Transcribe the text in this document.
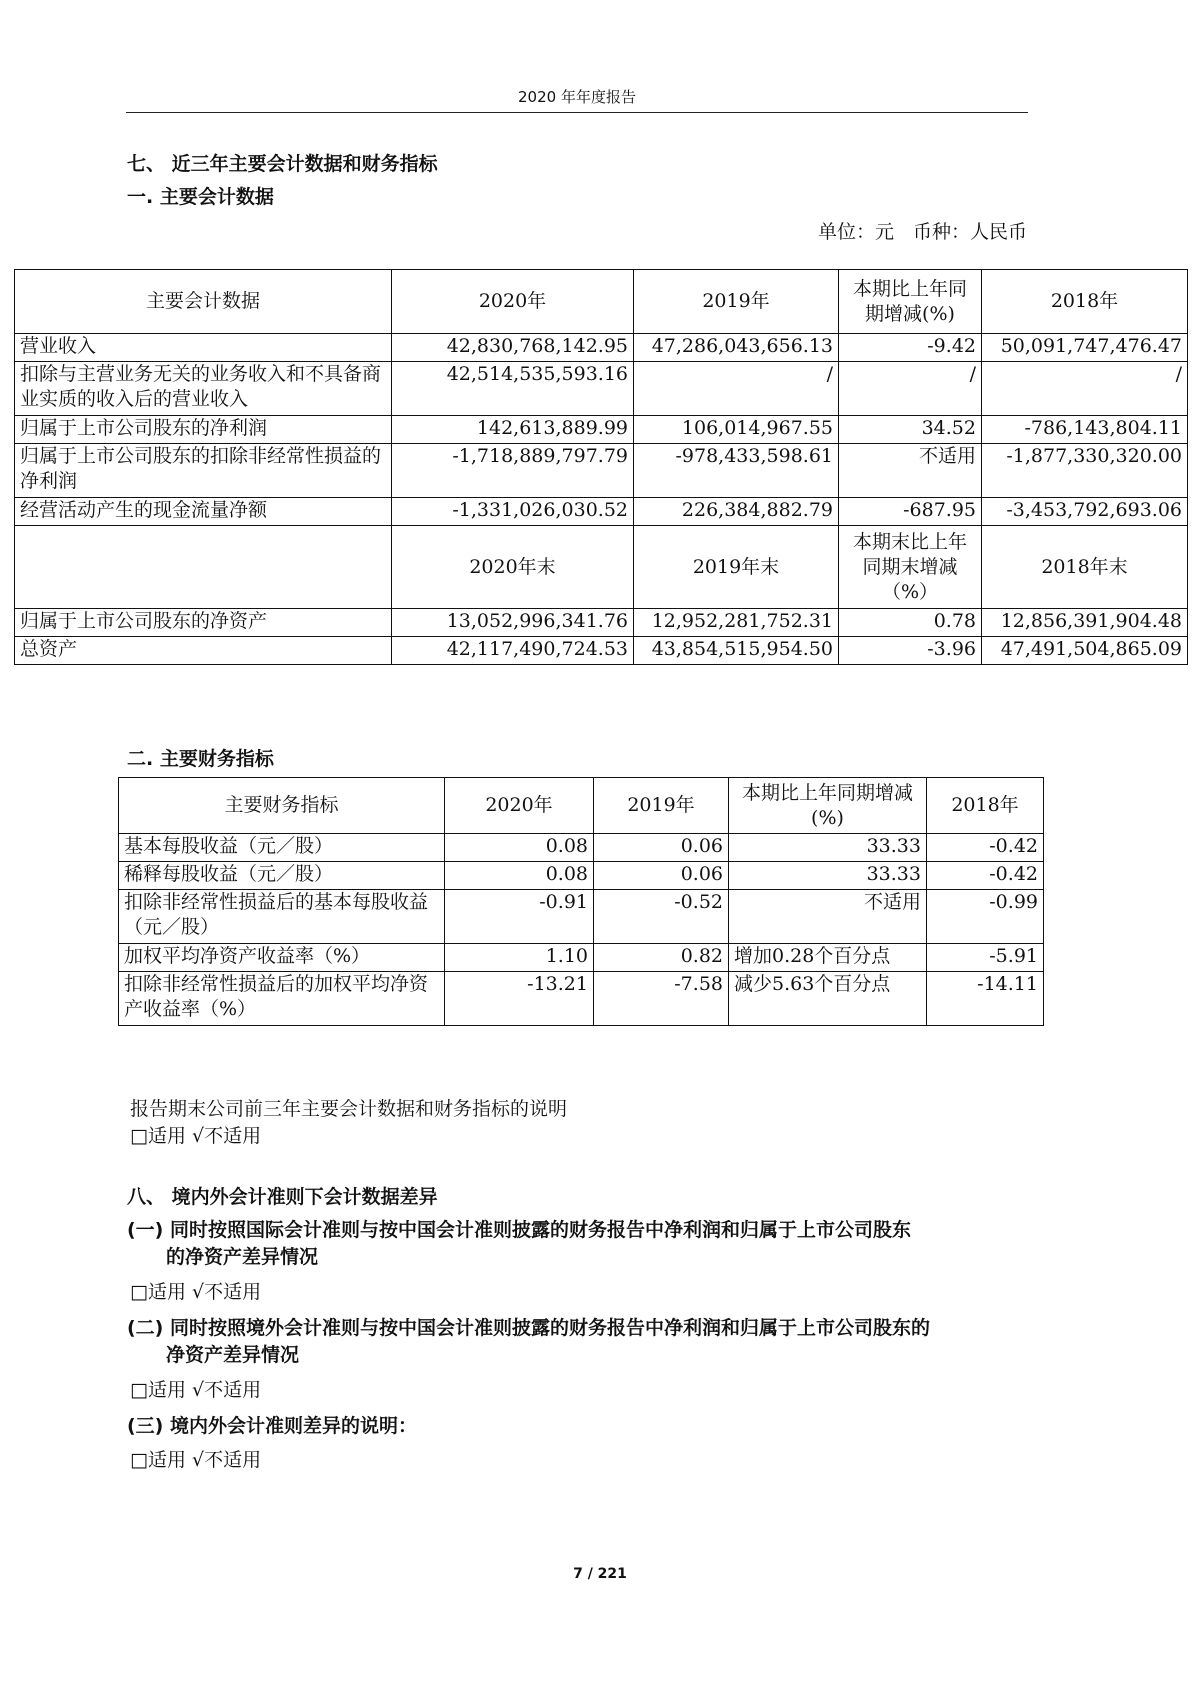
2020 年年度报告
七、 近三年主要会计数据和财务指标
一. 主要会计数据
单位：元　币种：人民币
主要会计数据	2020年	2019年	本期比上年同期增减(%)	2018年
营业收入	42,830,768,142.95	47,286,043,656.13	-9.42	50,091,747,476.47
扣除与主营业务无关的业务收入和不具备商业实质的收入后的营业收入	42,514,535,593.16	/	/	/
归属于上市公司股东的净利润	142,613,889.99	106,014,967.55	34.52	-786,143,804.11
归属于上市公司股东的扣除非经常性损益的净利润	-1,718,889,797.79	-978,433,598.61	不适用	-1,877,330,320.00
经营活动产生的现金流量净额	-1,331,026,030.52	226,384,882.79	-687.95	-3,453,792,693.06
	2020年末	2019年末	本期末比上年同期末增减（%）	2018年末
归属于上市公司股东的净资产	13,052,996,341.76	12,952,281,752.31	0.78	12,856,391,904.48
总资产	42,117,490,724.53	43,854,515,954.50	-3.96	47,491,504,865.09
二. 主要财务指标
主要财务指标	2020年	2019年	本期比上年同期增减(%)	2018年
基本每股收益（元／股）	0.08	0.06	33.33	-0.42
稀释每股收益（元／股）	0.08	0.06	33.33	-0.42
扣除非经常性损益后的基本每股收益（元／股）	-0.91	-0.52	不适用	-0.99
加权平均净资产收益率（%）	1.10	0.82	增加0.28个百分点	-5.91
扣除非经常性损益后的加权平均净资产收益率（%）	-13.21	-7.58	减少5.63个百分点	-14.11
报告期末公司前三年主要会计数据和财务指标的说明
□适用 √不适用
八、 境内外会计准则下会计数据差异
(一) 同时按照国际会计准则与按中国会计准则披露的财务报告中净利润和归属于上市公司股东
的净资产差异情况
□适用 √不适用
(二) 同时按照境外会计准则与按中国会计准则披露的财务报告中净利润和归属于上市公司股东的
净资产差异情况
□适用 √不适用
(三) 境内外会计准则差异的说明：
□适用 √不适用
7 / 221
